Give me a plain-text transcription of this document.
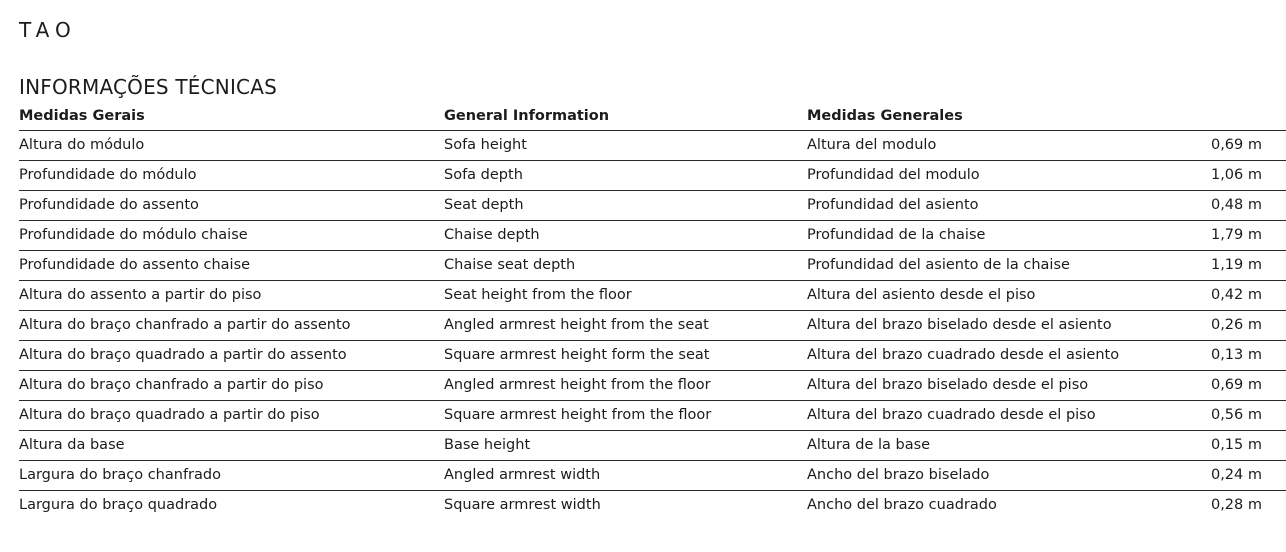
TAO
INFORMAÇÕES TÉCNICAS
Medidas Gerais	General Information	Medidas Generales
Altura do módulo	Sofa height	Altura del modulo	0,69 m
Profundidade do módulo	Sofa depth	Profundidad del modulo	1,06 m
Profundidade do assento	Seat depth	Profundidad del asiento	0,48 m
Profundidade do módulo chaise	Chaise depth	Profundidad de la chaise	1,79 m
Profundidade do assento chaise	Chaise seat depth	Profundidad del asiento de la chaise	1,19 m
Altura do assento a partir do piso	Seat height from the floor	Altura del asiento desde el piso	0,42 m
Altura do braço chanfrado a partir do assento	Angled armrest height from the seat	Altura del brazo biselado desde el asiento	0,26 m
Altura do braço quadrado a partir do assento	Square armrest height form the seat	Altura del brazo cuadrado desde el asiento	0,13 m
Altura do braço chanfrado a partir do piso	Angled armrest height from the floor	Altura del brazo biselado desde el piso	0,69 m
Altura do braço quadrado a partir do piso	Square armrest height from the floor	Altura del brazo cuadrado desde el piso	0,56 m
Altura da base	Base height	Altura de la base	0,15 m
Largura do braço chanfrado	Angled armrest width	Ancho del brazo biselado	0,24 m
Largura do braço quadrado	Square armrest width	Ancho del brazo cuadrado	0,28 m
